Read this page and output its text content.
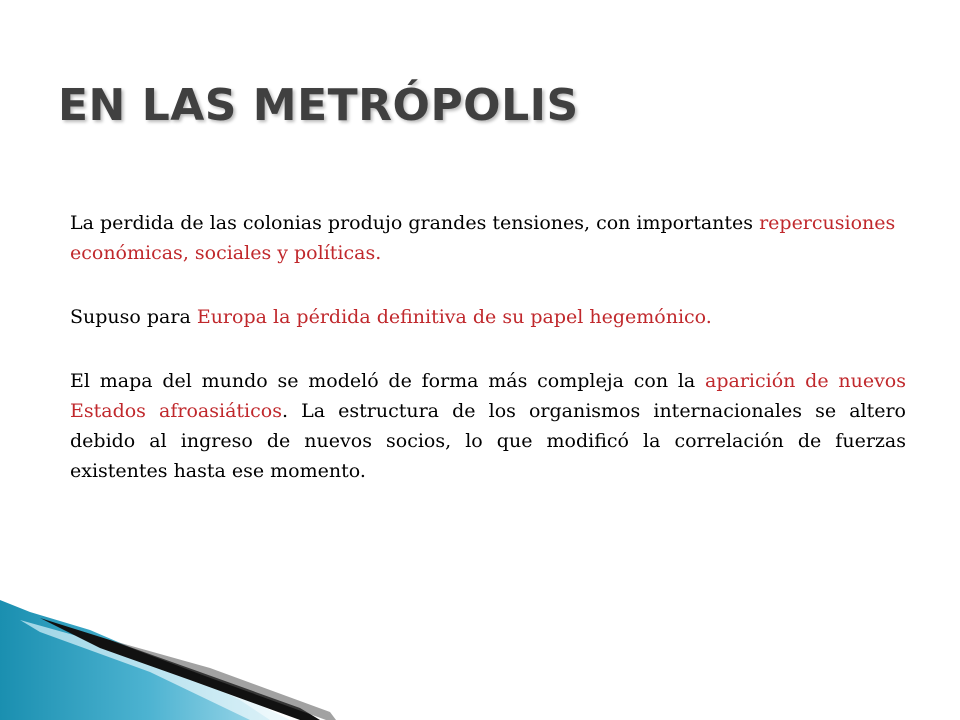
EN LAS METRÓPOLIS

La perdida de las colonias produjo grandes tensiones, con importantes repercusiones económicas, sociales y políticas.

Supuso para Europa la pérdida definitiva de su papel hegemónico.

El mapa del mundo se modeló de forma más compleja con la aparición de nuevos Estados afroasiáticos. La estructura de los organismos internacionales se altero debido al ingreso de nuevos socios, lo que modificó la correlación de fuerzas existentes hasta ese momento.
